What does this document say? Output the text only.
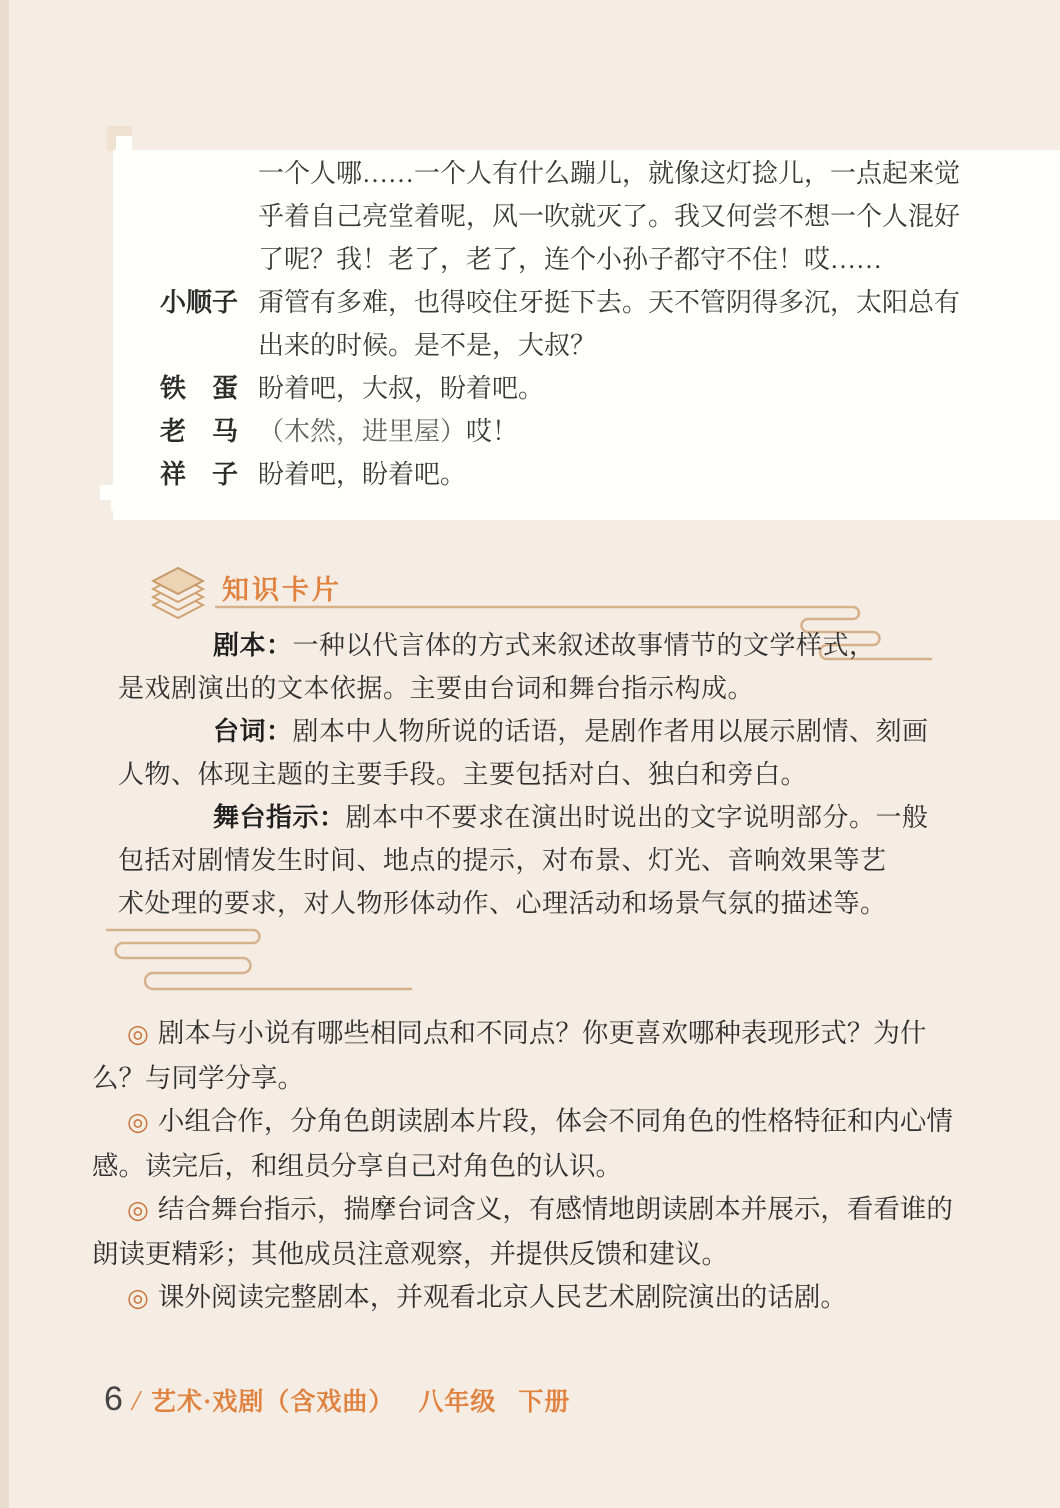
一个人哪……一个人有什么蹦儿，就像这灯捻儿，一点起来觉
乎着自己亮堂着呢，风一吹就灭了。我又何尝不想一个人混好
了呢？我！老了，老了，连个小孙子都守不住！哎……
小顺子 甭管有多难，也得咬住牙挺下去。天不管阴得多沉，太阳总有
出来的时候。是不是，大叔？
铁　蛋 盼着吧，大叔，盼着吧。
老　马 （木然，进里屋）哎！
祥　子 盼着吧，盼着吧。
知识卡片
剧本：一种以代言体的方式来叙述故事情节的文学样式，
是戏剧演出的文本依据。主要由台词和舞台指示构成。
台词：剧本中人物所说的话语，是剧作者用以展示剧情、刻画
人物、体现主题的主要手段。主要包括对白、独白和旁白。
舞台指示：剧本中不要求在演出时说出的文字说明部分。一般
包括对剧情发生时间、地点的提示，对布景、灯光、音响效果等艺
术处理的要求，对人物形体动作、心理活动和场景气氛的描述等。
◎ 剧本与小说有哪些相同点和不同点？你更喜欢哪种表现形式？为什
么？与同学分享。
◎ 小组合作，分角色朗读剧本片段，体会不同角色的性格特征和内心情
感。读完后，和组员分享自己对角色的认识。
◎ 结合舞台指示，揣摩台词含义，有感情地朗读剧本并展示，看看谁的
朗读更精彩；其他成员注意观察，并提供反馈和建议。
◎ 课外阅读完整剧本，并观看北京人民艺术剧院演出的话剧。
6 / 艺术·戏剧（含戏曲） 八年级 下册
